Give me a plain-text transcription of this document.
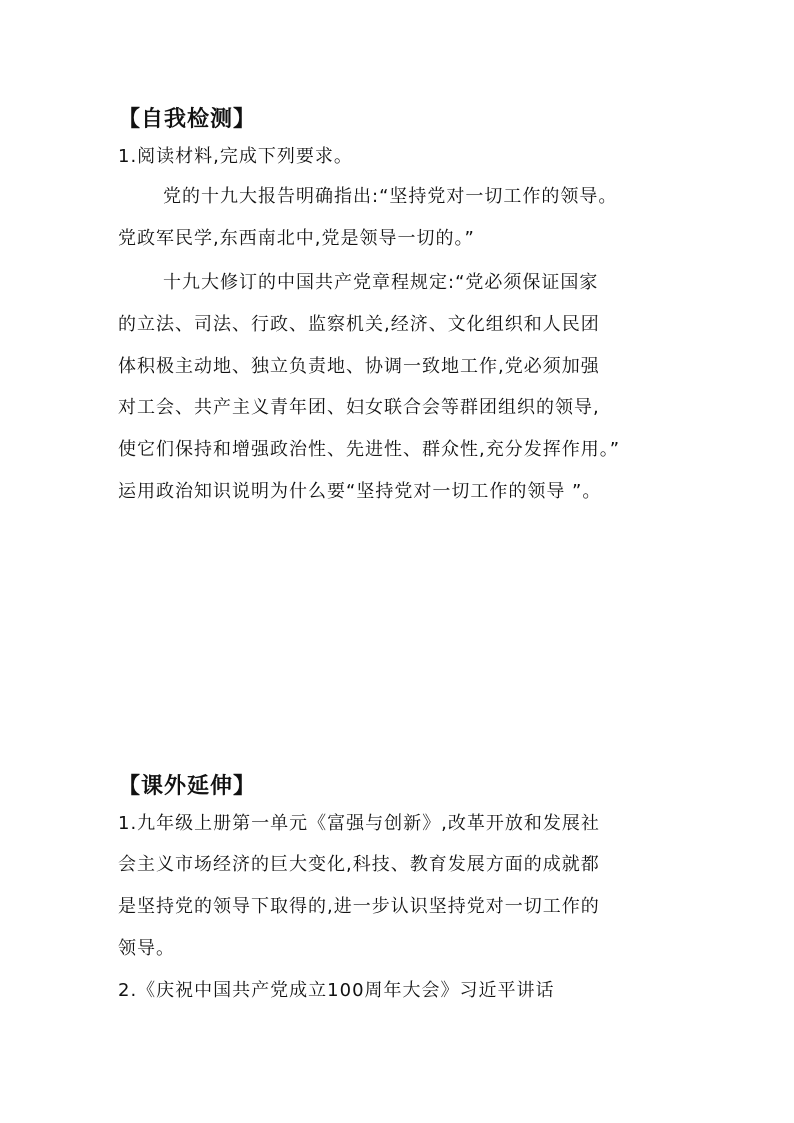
【自我检测】
1.阅读材料,完成下列要求。
党的十九大报告明确指出:“坚持党对一切工作的领导。
党政军民学,东西南北中,党是领导一切的。”
十九大修订的中国共产党章程规定:“党必须保证国家
的立法、司法、行政、监察机关,经济、文化组织和人民团
体积极主动地、独立负责地、协调一致地工作,党必须加强
对工会、共产主义青年团、妇女联合会等群团组织的领导,
使它们保持和增强政治性、先进性、群众性,充分发挥作用。”
运用政治知识说明为什么要“坚持党对一切工作的领导 ”。
【课外延伸】
1.九年级上册第一单元《富强与创新》,改革开放和发展社
会主义市场经济的巨大变化,科技、教育发展方面的成就都
是坚持党的领导下取得的,进一步认识坚持党对一切工作的
领导。
2.《庆祝中国共产党成立100周年大会》习近平讲话
